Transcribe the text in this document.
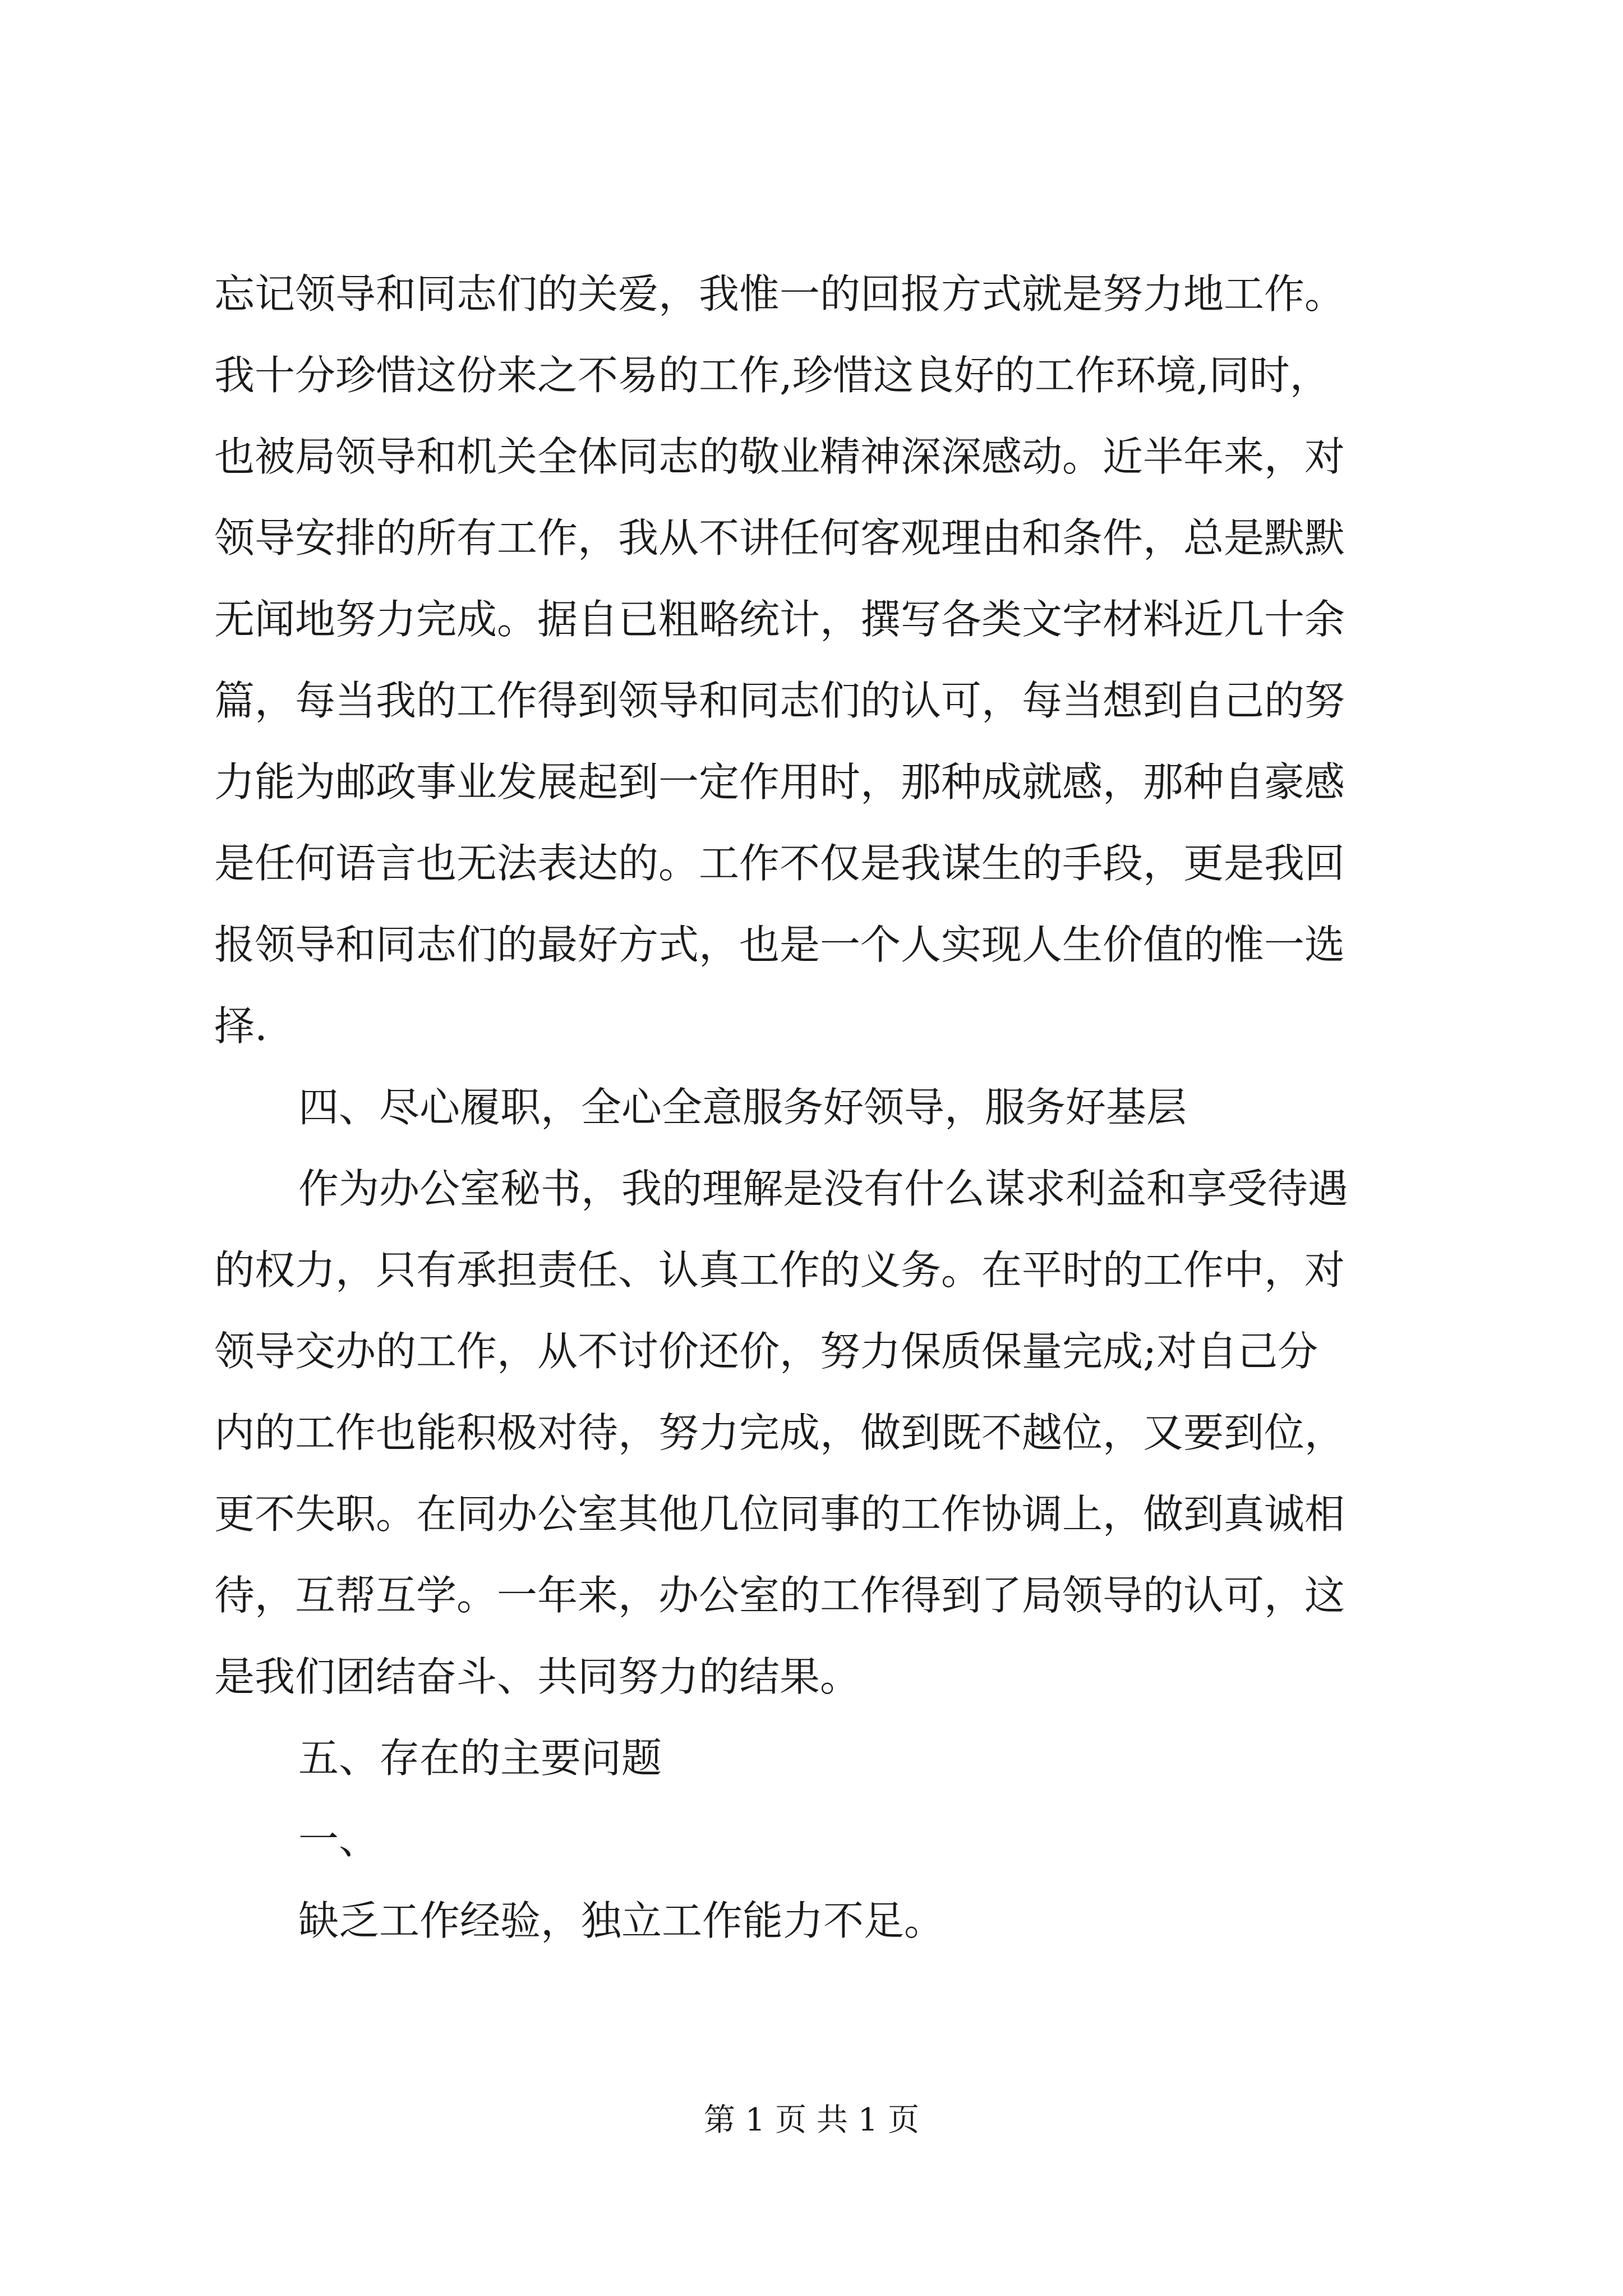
忘记领导和同志们的关爱，我惟一的回报方式就是努力地工作。
我十分珍惜这份来之不易的工作,珍惜这良好的工作环境,同时，
也被局领导和机关全体同志的敬业精神深深感动。近半年来，对
领导安排的所有工作，我从不讲任何客观理由和条件，总是默默
无闻地努力完成。据自已粗略统计，撰写各类文字材料近几十余
篇，每当我的工作得到领导和同志们的认可，每当想到自己的努
力能为邮政事业发展起到一定作用时，那种成就感，那种自豪感
是任何语言也无法表达的。工作不仅是我谋生的手段，更是我回
报领导和同志们的最好方式，也是一个人实现人生价值的惟一选
择.
四、尽心履职，全心全意服务好领导，服务好基层
作为办公室秘书，我的理解是没有什么谋求利益和享受待遇
的权力，只有承担责任、认真工作的义务。在平时的工作中，对
领导交办的工作，从不讨价还价，努力保质保量完成;对自己分
内的工作也能积极对待，努力完成，做到既不越位，又要到位，
更不失职。在同办公室其他几位同事的工作协调上，做到真诚相
待，互帮互学。一年来，办公室的工作得到了局领导的认可，这
是我们团结奋斗、共同努力的结果。
五、存在的主要问题
一、
缺乏工作经验，独立工作能力不足。
第 1 页 共 1 页
